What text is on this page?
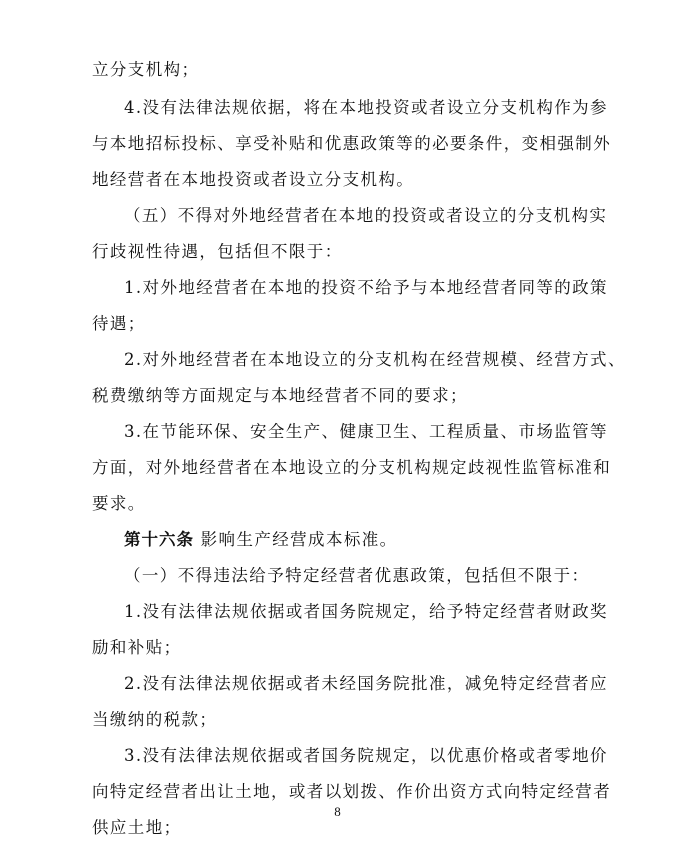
立分支机构；
4.没有法律法规依据，将在本地投资或者设立分支机构作为参
与本地招标投标、享受补贴和优惠政策等的必要条件，变相强制外
地经营者在本地投资或者设立分支机构。
（五）不得对外地经营者在本地的投资或者设立的分支机构实
行歧视性待遇，包括但不限于：
1.对外地经营者在本地的投资不给予与本地经营者同等的政策
待遇；
2.对外地经营者在本地设立的分支机构在经营规模、经营方式、
税费缴纳等方面规定与本地经营者不同的要求；
3.在节能环保、安全生产、健康卫生、工程质量、市场监管等
方面，对外地经营者在本地设立的分支机构规定歧视性监管标准和
要求。
第十六条 影响生产经营成本标准。
（一）不得违法给予特定经营者优惠政策，包括但不限于：
1.没有法律法规依据或者国务院规定，给予特定经营者财政奖
励和补贴；
2.没有法律法规依据或者未经国务院批准，减免特定经营者应
当缴纳的税款；
3.没有法律法规依据或者国务院规定，以优惠价格或者零地价
向特定经营者出让土地，或者以划拨、作价出资方式向特定经营者
供应土地；
8
